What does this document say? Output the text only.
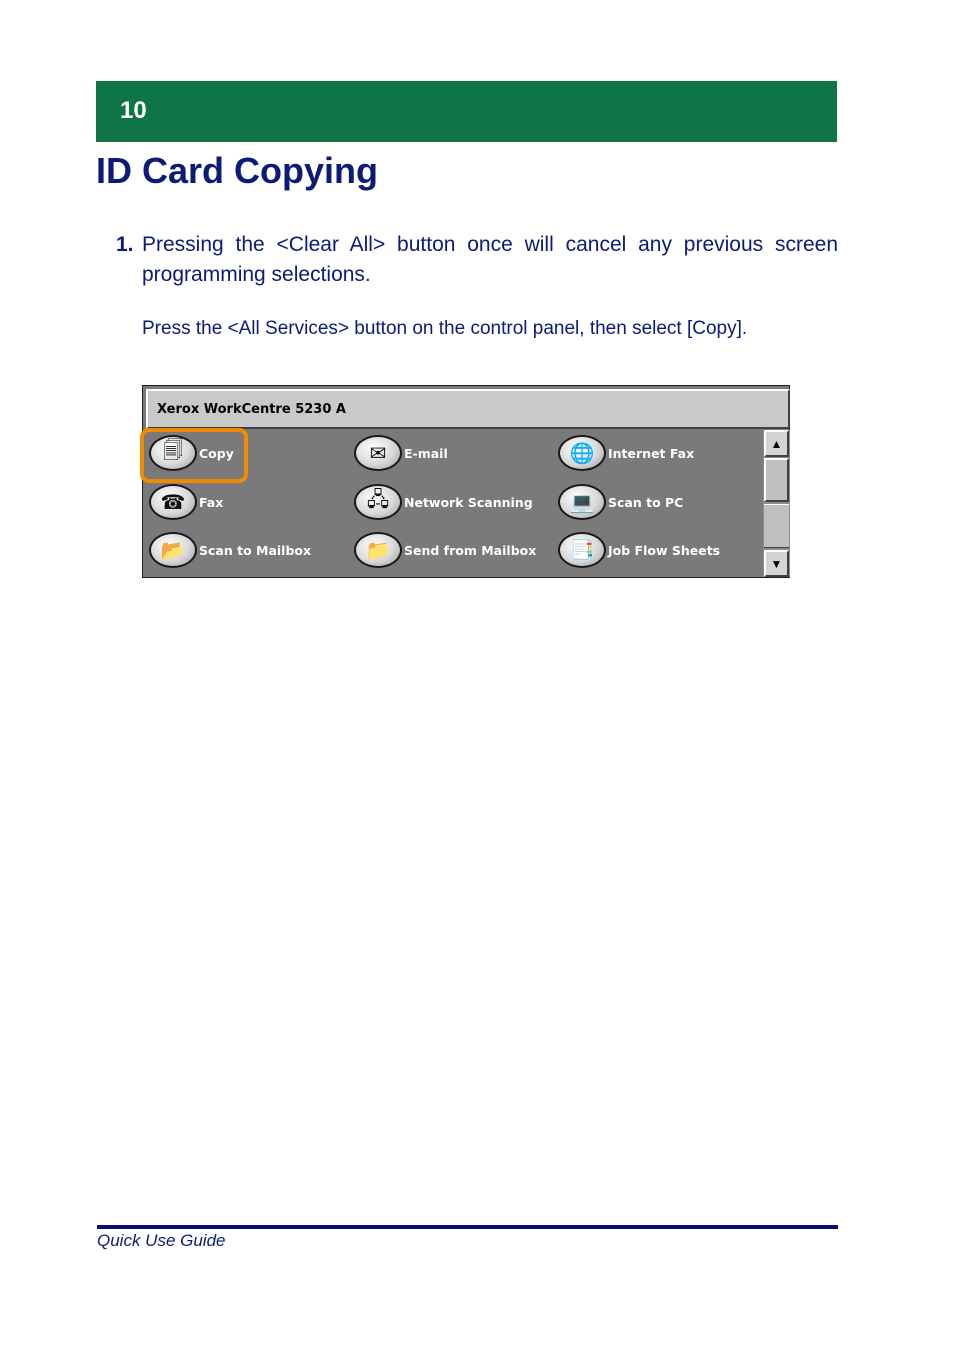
10
ID Card Copying
1. Pressing the <Clear All> button once will cancel any previous screen programming selections.
Press the <All Services> button on the control panel, then select [Copy].
Xerox WorkCentre 5230 A
🗐	Copy	✉	E-mail	🌐	Internet Fax
☎	Fax	🖧	Network Scanning	💻	Scan to PC
📂	Scan to Mailbox	📁	Send from Mailbox	📑	Job Flow Sheets
▲
▼
Quick Use Guide
